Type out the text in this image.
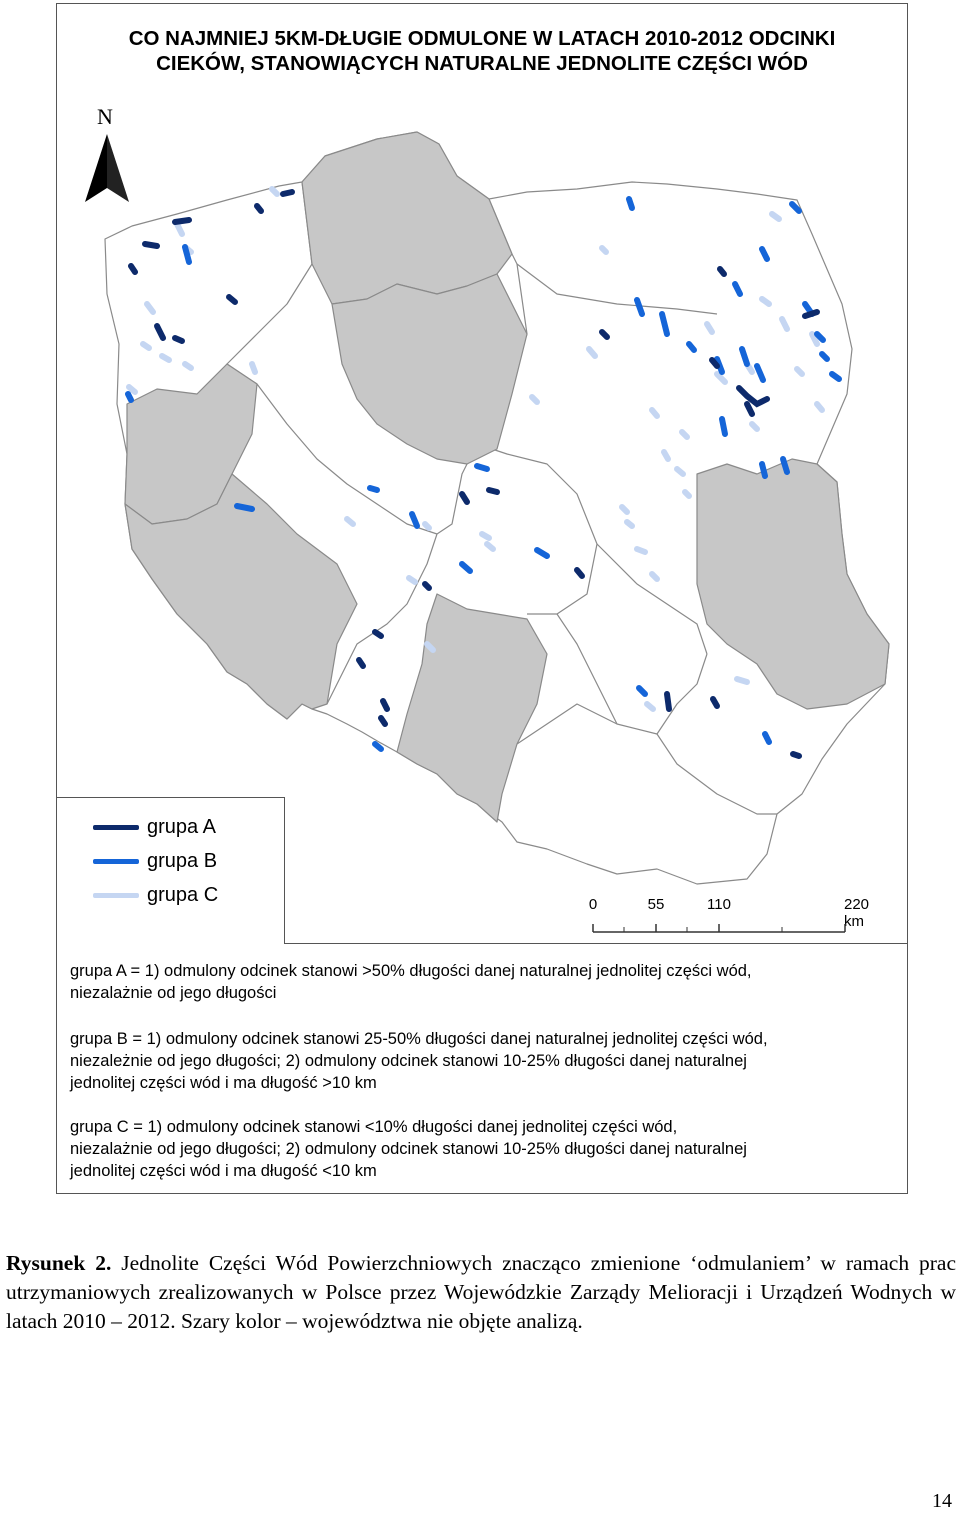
CO NAJMNIEJ 5KM-DŁUGIE ODMULONE W LATACH 2010-2012 ODCINKI
CIEKÓW, STANOWIĄCYCH NATURALNE JEDNOLITE CZĘŚCI WÓD
N
grupa A
grupa B
grupa C	0	55	110	220 km
grupa A = 1) odmulony odcinek stanowi >50% długości danej naturalnej jednolitej części wód,
niezalażnie od jego długości
grupa B = 1) odmulony odcinek stanowi 25-50% długości danej naturalnej jednolitej części wód,
niezależnie od jego długości; 2) odmulony odcinek stanowi 10-25% długości danej naturalnej
jednolitej części wód i ma długość >10 km
grupa C = 1) odmulony odcinek stanowi <10% długości danej jednolitej części wód,
niezalażnie od jego długości; 2) odmulony odcinek stanowi 10-25% długości danej naturalnej
jednolitej części wód i ma długość <10 km
Rysunek 2. Jednolite Części Wód Powierzchniowych znacząco zmienione ‘odmulaniem’ w ramach prac utrzymaniowych zrealizowanych w Polsce przez Wojewódzkie Zarządy Melioracji i Urządzeń Wodnych w latach 2010 – 2012. Szary kolor – województwa nie objęte analizą.
14
